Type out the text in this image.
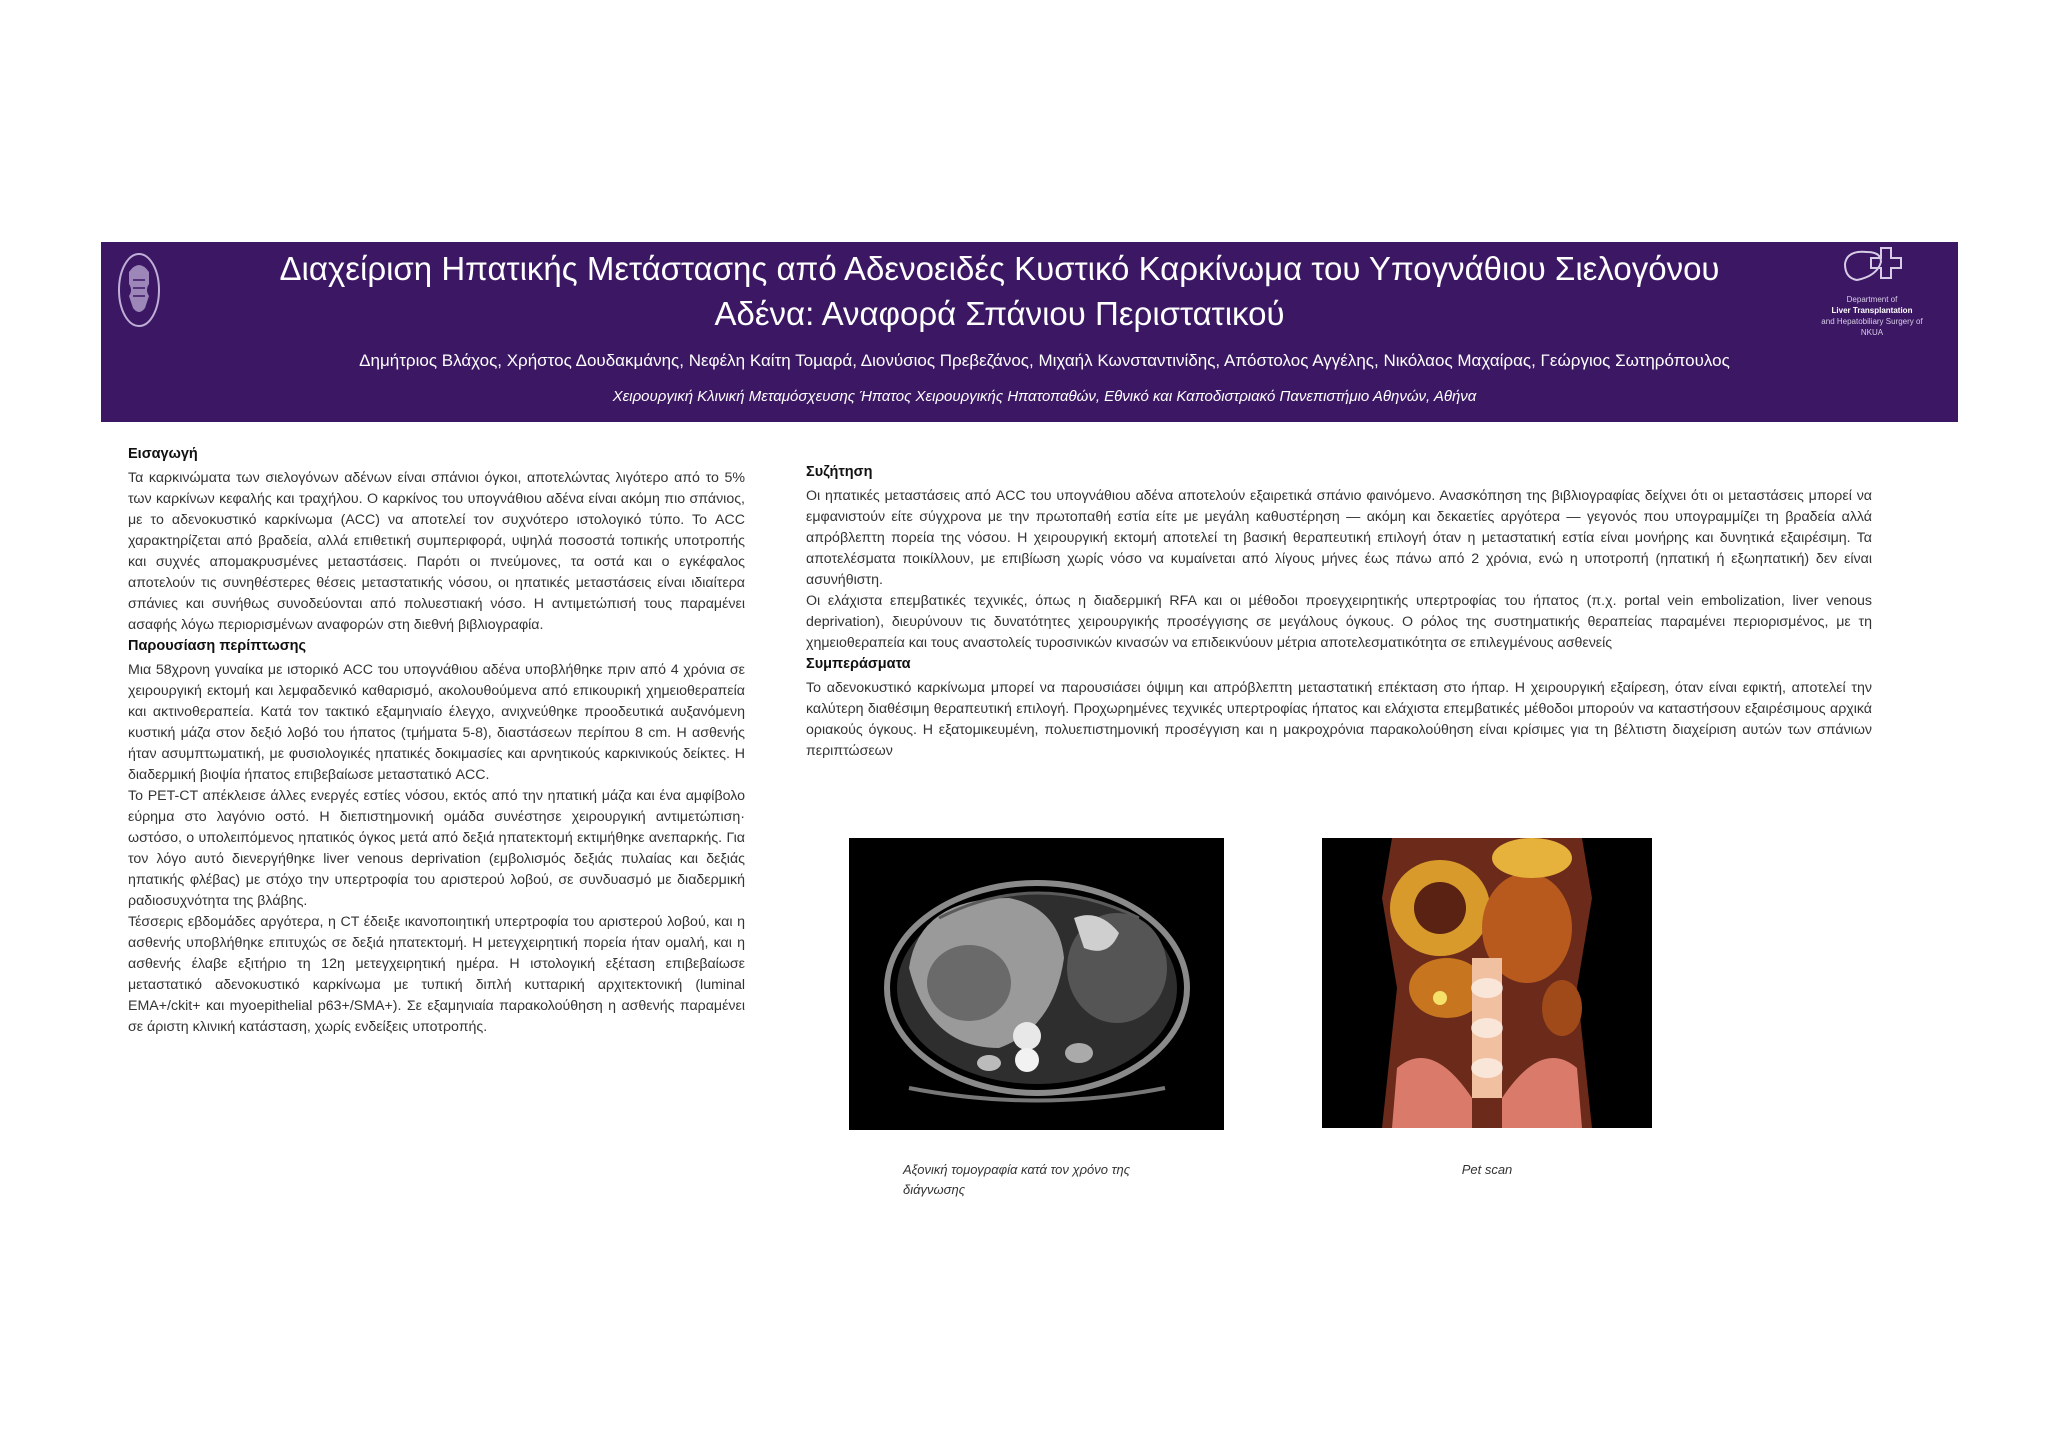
Διαχείριση Ηπατικής Μετάστασης από Αδενοειδές Κυστικό Καρκίνωμα του Υπογνάθιου Σιελογόνου
Αδένα: Αναφορά Σπάνιου Περιστατικού
Δημήτριος Βλάχος, Χρήστος Δουδακμάνης, Νεφέλη Καίτη Τομαρά, Διονύσιος Πρεβεζάνος, Μιχαήλ Κωνσταντινίδης, Απόστολος Αγγέλης, Νικόλαος Μαχαίρας, Γεώργιος Σωτηρόπουλος
Χειρουργική Κλινική Μεταμόσχευσης Ήπατος Χειρουργικής Ηπατοπαθών, Εθνικό και Καποδιστριακό Πανεπιστήμιο Αθηνών, Αθήνα
Department of
Liver Transplantation
and Hepatobiliary Surgery of
NKUA
Εισαγωγή

Τα καρκινώματα των σιελογόνων αδένων είναι σπάνιοι όγκοι, αποτελώντας λιγότερο από το 5% των καρκίνων κεφαλής και τραχήλου. Ο καρκίνος του υπογνάθιου αδένα είναι ακόμη πιο σπάνιος, με το αδενοκυστικό καρκίνωμα (ACC) να αποτελεί τον συχνότερο ιστολογικό τύπο. Το ACC χαρακτηρίζεται από βραδεία, αλλά επιθετική συμπεριφορά, υψηλά ποσοστά τοπικής υποτροπής και συχνές απομακρυσμένες μεταστάσεις. Παρότι οι πνεύμονες, τα οστά και ο εγκέφαλος αποτελούν τις συνηθέστερες θέσεις μεταστατικής νόσου, οι ηπατικές μεταστάσεις είναι ιδιαίτερα σπάνιες και συνήθως συνοδεύονται από πολυεστιακή νόσο. Η αντιμετώπισή τους παραμένει ασαφής λόγω περιορισμένων αναφορών στη διεθνή βιβλιογραφία.

Παρουσίαση περίπτωσης

Μια 58χρονη γυναίκα με ιστορικό ACC του υπογνάθιου αδένα υποβλήθηκε πριν από 4 χρόνια σε χειρουργική εκτομή και λεμφαδενικό καθαρισμό, ακολουθούμενα από επικουρική χημειοθεραπεία και ακτινοθεραπεία. Κατά τον τακτικό εξαμηνιαίο έλεγχο, ανιχνεύθηκε προοδευτικά αυξανόμενη κυστική μάζα στον δεξιό λοβό του ήπατος (τμήματα 5-8), διαστάσεων περίπου 8 cm. Η ασθενής ήταν ασυμπτωματική, με φυσιολογικές ηπατικές δοκιμασίες και αρνητικούς καρκινικούς δείκτες. Η διαδερμική βιοψία ήπατος επιβεβαίωσε μεταστατικό ACC.

Το PET-CT απέκλεισε άλλες ενεργές εστίες νόσου, εκτός από την ηπατική μάζα και ένα αμφίβολο εύρημα στο λαγόνιο οστό. Η διεπιστημονική ομάδα συνέστησε χειρουργική αντιμετώπιση· ωστόσο, ο υπολειπόμενος ηπατικός όγκος μετά από δεξιά ηπατεκτομή εκτιμήθηκε ανεπαρκής. Για τον λόγο αυτό διενεργήθηκε liver venous deprivation (εμβολισμός δεξιάς πυλαίας και δεξιάς ηπατικής φλέβας) με στόχο την υπερτροφία του αριστερού λοβού, σε συνδυασμό με διαδερμική ραδιοσυχνότητα της βλάβης.

Τέσσερις εβδομάδες αργότερα, η CT έδειξε ικανοποιητική υπερτροφία του αριστερού λοβού, και η ασθενής υποβλήθηκε επιτυχώς σε δεξιά ηπατεκτομή. Η μετεγχειρητική πορεία ήταν ομαλή, και η ασθενής έλαβε εξιτήριο τη 12η μετεγχειρητική ημέρα. Η ιστολογική εξέταση επιβεβαίωσε μεταστατικό αδενοκυστικό καρκίνωμα με τυπική διπλή κυτταρική αρχιτεκτονική (luminal EMA+/ckit+ και myoepithelial p63+/SMA+). Σε εξαμηνιαία παρακολούθηση η ασθενής παραμένει σε άριστη κλινική κατάσταση, χωρίς ενδείξεις υποτροπής.

Συζήτηση

Οι ηπατικές μεταστάσεις από ACC του υπογνάθιου αδένα αποτελούν εξαιρετικά σπάνιο φαινόμενο. Ανασκόπηση της βιβλιογραφίας δείχνει ότι οι μεταστάσεις μπορεί να εμφανιστούν είτε σύγχρονα με την πρωτοπαθή εστία είτε με μεγάλη καθυστέρηση — ακόμη και δεκαετίες αργότερα — γεγονός που υπογραμμίζει τη βραδεία αλλά απρόβλεπτη πορεία της νόσου. Η χειρουργική εκτομή αποτελεί τη βασική θεραπευτική επιλογή όταν η μεταστατική εστία είναι μονήρης και δυνητικά εξαιρέσιμη. Τα αποτελέσματα ποικίλλουν, με επιβίωση χωρίς νόσο να κυμαίνεται από λίγους μήνες έως πάνω από 2 χρόνια, ενώ η υποτροπή (ηπατική ή εξωηπατική) δεν είναι ασυνήθιστη.

Οι ελάχιστα επεμβατικές τεχνικές, όπως η διαδερμική RFA και οι μέθοδοι προεγχειρητικής υπερτροφίας του ήπατος (π.χ. portal vein embolization, liver venous deprivation), διευρύνουν τις δυνατότητες χειρουργικής προσέγγισης σε μεγάλους όγκους. Ο ρόλος της συστηματικής θεραπείας παραμένει περιορισμένος, με τη χημειοθεραπεία και τους αναστολείς τυροσινικών κινασών να επιδεικνύουν μέτρια αποτελεσματικότητα σε επιλεγμένους ασθενείς

Συμπεράσματα

Το αδενοκυστικό καρκίνωμα μπορεί να παρουσιάσει όψιμη και απρόβλεπτη μεταστατική επέκταση στο ήπαρ. Η χειρουργική εξαίρεση, όταν είναι εφικτή, αποτελεί την καλύτερη διαθέσιμη θεραπευτική επιλογή. Προχωρημένες τεχνικές υπερτροφίας ήπατος και ελάχιστα επεμβατικές μέθοδοι μπορούν να καταστήσουν εξαιρέσιμους αρχικά οριακούς όγκους. Η εξατομικευμένη, πολυεπιστημονική προσέγγιση και η μακροχρόνια παρακολούθηση είναι κρίσιμες για τη βέλτιστη διαχείριση αυτών των σπάνιων περιπτώσεων

Αξονική τομογραφία κατά τον χρόνο της διάγνωσης
Pet scan
